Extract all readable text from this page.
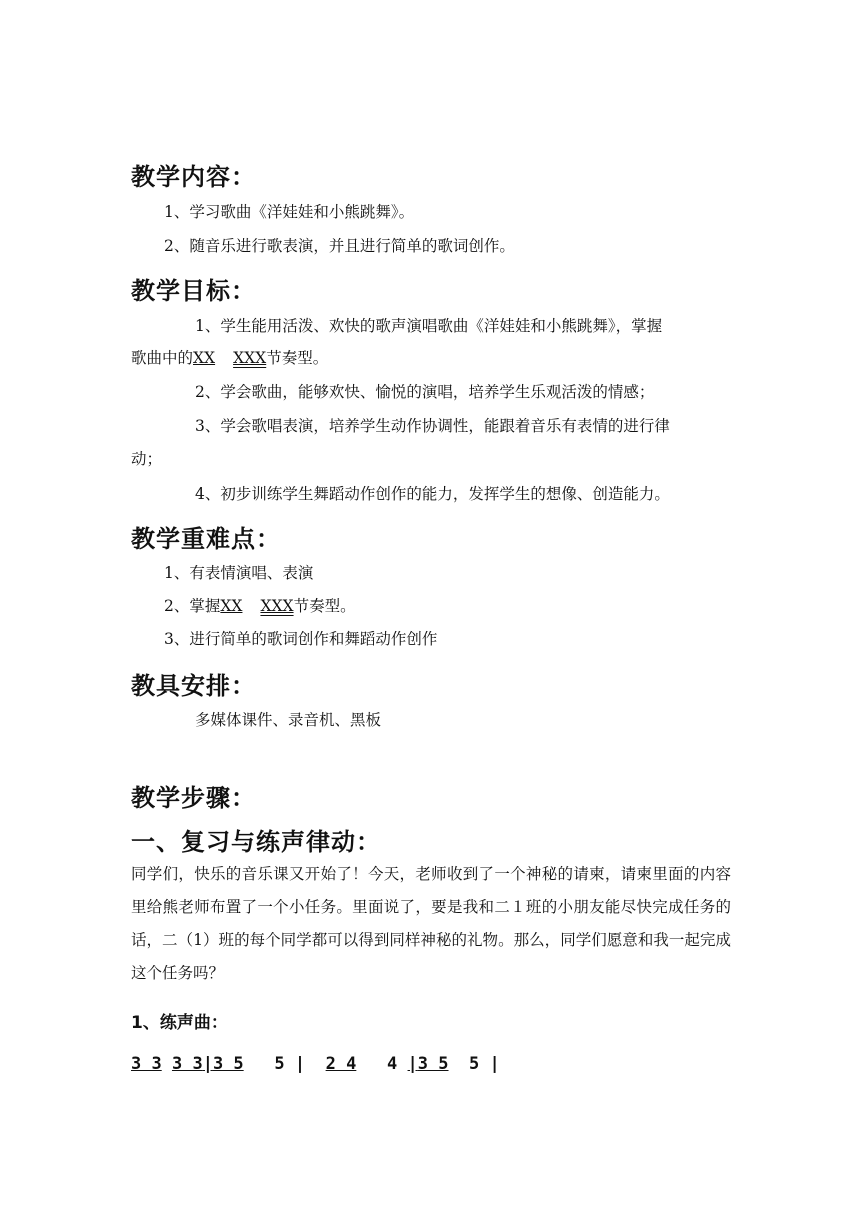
教学内容：
1、学习歌曲《洋娃娃和小熊跳舞》。
2、随音乐进行歌表演，并且进行简单的歌词创作。
教学目标：
1、学生能用活泼、欢快的歌声演唱歌曲《洋娃娃和小熊跳舞》，掌握
歌曲中的XX XXX节奏型。
2、学会歌曲，能够欢快、愉悦的演唱，培养学生乐观活泼的情感；
3、学会歌唱表演，培养学生动作协调性，能跟着音乐有表情的进行律
动；
4、初步训练学生舞蹈动作创作的能力，发挥学生的想像、创造能力。
教学重难点：
1、有表情演唱、表演
2、掌握XX XXX节奏型。
3、进行简单的歌词创作和舞蹈动作创作
教具安排：
多媒体课件、录音机、黑板
教学步骤：
一、复习与练声律动：
同学们，快乐的音乐课又开始了！今天，老师收到了一个神秘的请柬，请柬里面的内容里给熊老师布置了一个小任务。里面说了，要是我和二１班的小朋友能尽快完成任务的话，二（1）班的每个同学都可以得到同样神秘的礼物。那么，同学们愿意和我一起完成这个任务吗？
1、练声曲：
3 3 3 3|3 5 5 | 2 4 4 |3 5 5 |
